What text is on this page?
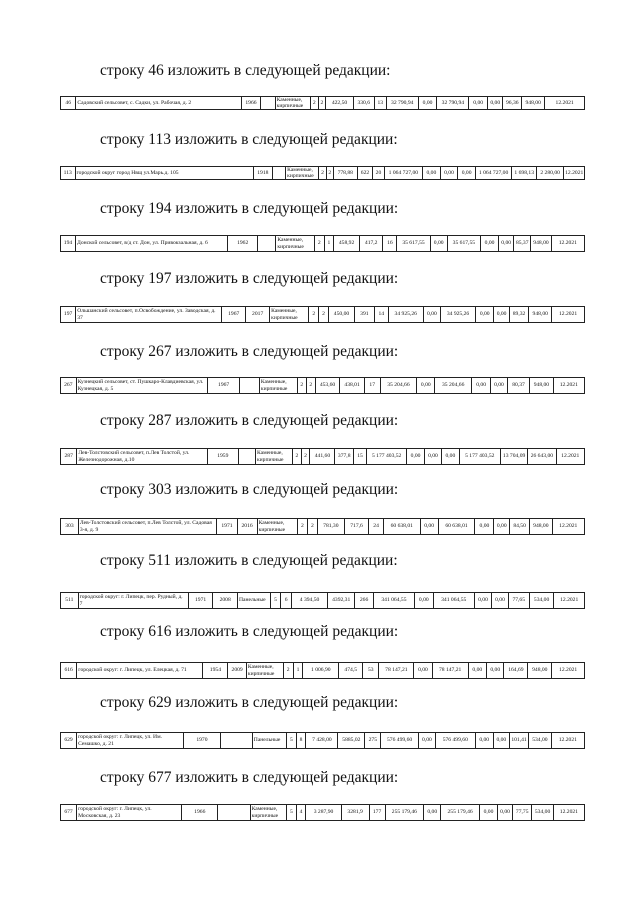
строку 46 изложить в следующей редакции:
46	Садовский сельсовет, с. Садки, ул. Рабочая, д. 2	1966		Каменные, кирпичные	2	2	422,50	330,6	13	32 790,94	0,00	32 790,94	0,00	0,00	96,36	948,00	12.2021
строку 113 изложить в следующей редакции:
113	городской округ город Нвщ ул.Марь.д. 105	1918		Каменные, кирпичные	2	2	778,88	622	20	1 064 727,00	0,00	0,00	0,00	1 064 727,00	1 698,13	2 280,00	12.2021
строку 194 изложить в следующей редакции:
194	Донской сельсовет, в/д ст. Дон, ул. Привокзальная, д. 6	1962		Каменные, кирпичные	2	1	458,92	417,2	16	35 617,55	0,00	35 617,55	0,00	0,00	85,37	948,00	12.2021
строку 197 изложить в следующей редакции:
197	Ольшанский сельсовет, п.Освобождение, ул. Заводская, д. 37	1967	2017	Каменные, кирпичные	2	2	450,00	391	14	34 925,26	0,00	34 925,26	0,00	0,00	89,32	948,00	12.2021
строку 267 изложить в следующей редакции:
267	Кузнецкий сельсовет, ст. Пушкаро-Клавдиевская, ул. Кузнецкая, д. 5	1967		Каменные, кирпичные	2	2	453,60	438,01	17	35 204,66	0,00	35 204,66	0,00	0,00	80,37	948,00	12.2021
строку 287 изложить в следующей редакции:
287	Лев-Толстовский сельсовет, п.Лев Толстой, ул. Железнодорожная, д.10	1959		Каменные, кирпичные	2	2	441,60	377,8	15	5 177 403,52	0,00	0,00	0,00	5 177 403,52	13 704,09	26 643,00	12.2021
строку 303 изложить в следующей редакции:
303	Лев-Толстовский сельсовет, п.Лев Толстой, ул. Садовая 3-я, д. 9	1971	2016	Каменные, кирпичные	2	2	781,30	717,6	24	60 638,01	0,00	60 638,01	0,00	0,00	84,50	948,00	12.2021
строку 511 изложить в следующей редакции:
511	городской округ: г. Липецк, пер. Рудный, д. 7	1971	2008	Панельные	5	6	4 394,50	4392,31	266	341 064,55	0,00	341 064,55	0,00	0,00	77,65	534,00	12.2021
строку 616 изложить в следующей редакции:
616	городской округ: г. Липецк, ул. Елецкая, д. 71	1954	2009	Каменные, кирпичные	2	1	1 006,90	474,5	53	78 147,21	0,00	78 147,21	0,00	0,00	164,69	948,00	12.2021
строку 629 изложить в следующей редакции:
629	городской округ: г. Липецк, ул. Им. Семашко, д. 21	1970		Панельные	5	8	7 428,00	5885,02	275	576 499,60	0,00	576 499,60	0,00	0,00	101,41	534,00	12.2021
строку 677 изложить в следующей редакции:
677	городской округ: г. Липецк, ул. Московская, д. 23	1966		Каменные, кирпичные	5	4	3 287,90	3281,9	177	255 179,46	0,00	255 179,46	0,00	0,00	77,75	534,00	12.2021
